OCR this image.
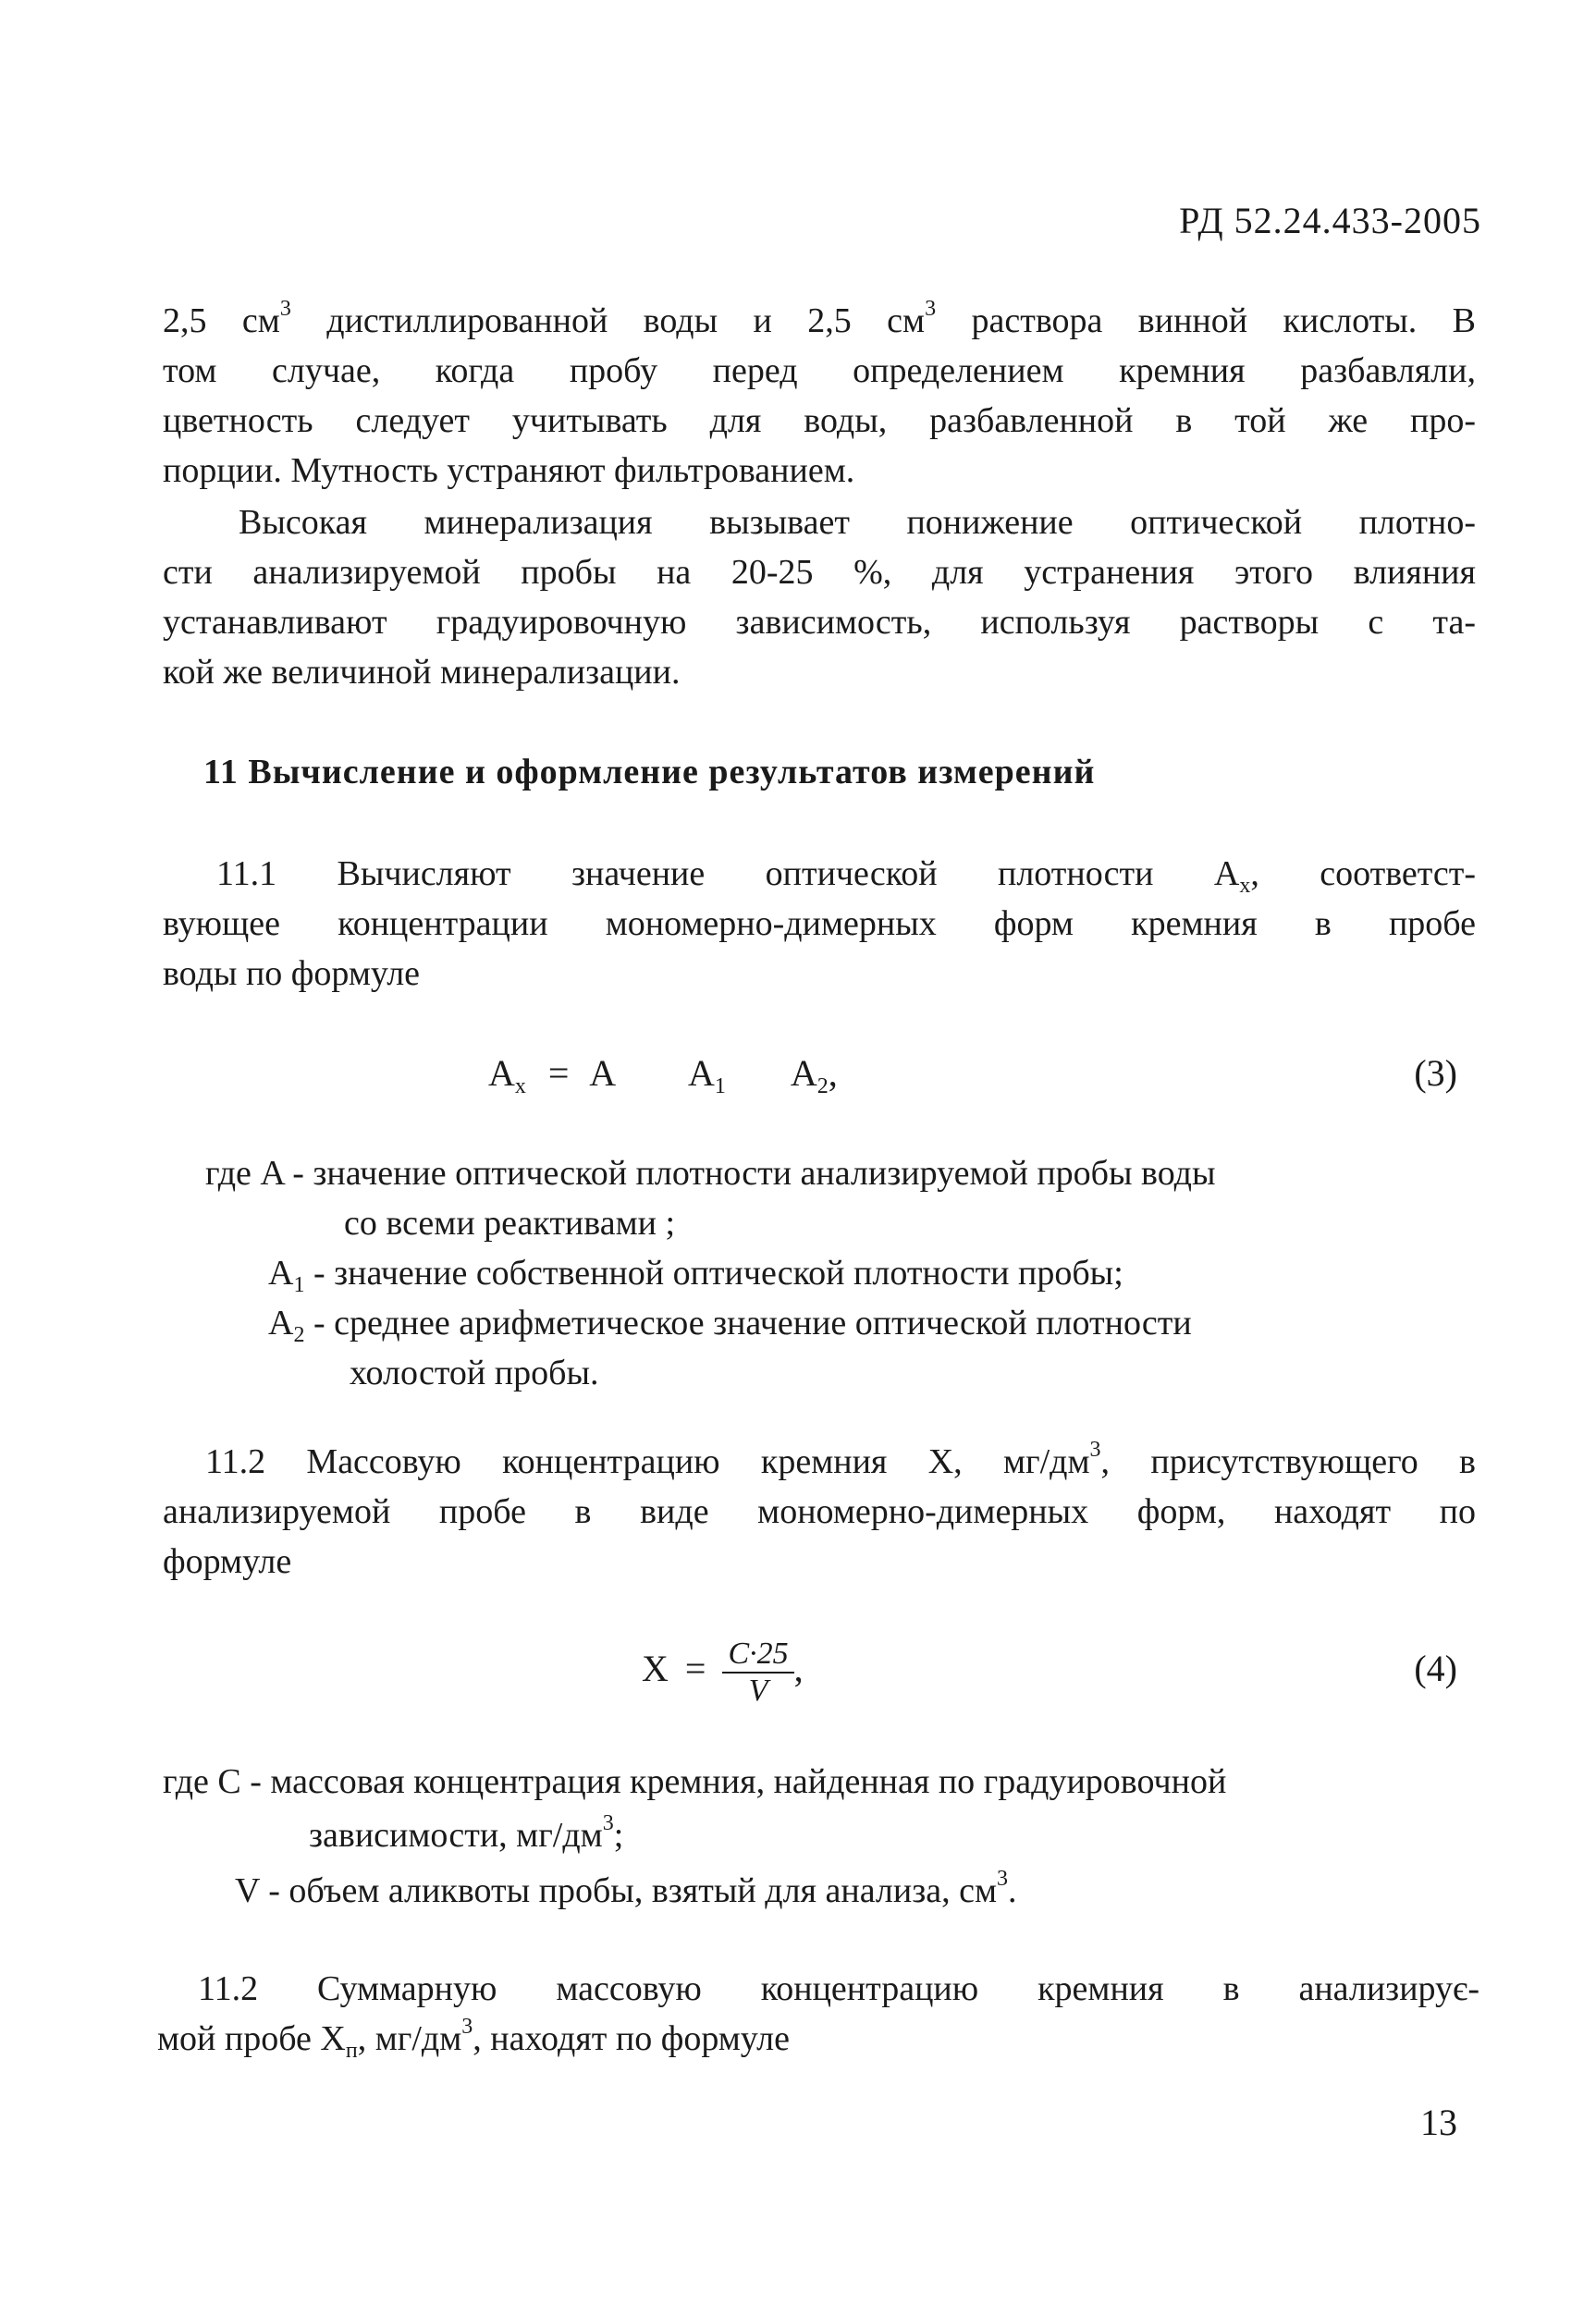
РД 52.24.433-2005
2,5 $см^3$ дистиллированной воды и 2,5 $см^3$ раствора винной кислоты. В
том случае, когда пробу перед определением кремния разбавляли,
цветность следует учитывать для воды, разбавленной в той же про-
порции. Мутность устраняют фильтрованием.
Высокая минерализация вызывает понижение оптической плотно-
сти анализируемой пробы на 20-25 %, для устранения этого влияния
устанавливают градуировочную зависимость, используя растворы с та-
кой же величиной минерализации.
11 Вычисление и оформление результатов измерений
11.1 Вычисляют значение оптической плотности $A_x$, соответст-
вующее концентрации мономерно-димерных форм кремния в пробе
воды по формуле
$A_x = A$ $A_1$ $A_2$,	(3)
где A - значение оптической плотности анализируемой пробы воды
со всеми реактивами ;
$A_1$ - значение собственной оптической плотности пробы;
$A_2$ - среднее арифметическое значение оптической плотности
холостой пробы.
11.2 Массовую концентрацию кремния X, $мг/дм^3$, присутствующего в
анализируемой пробе в виде мономерно-димерных форм, находят по
формуле
$X = \frac{C\cdot 25}{V}$ ,	(4)
где C - массовая концентрация кремния, найденная по градуировочной
зависимости, $мг/дм^3$;
V - объем аликвоты пробы, взятый для анализа, $см^3$.
11.2 Суммарную массовую концентрацию кремния в анализирує-
мой пробе $X_п$, $мг/дм^3$, находят по формуле
13
